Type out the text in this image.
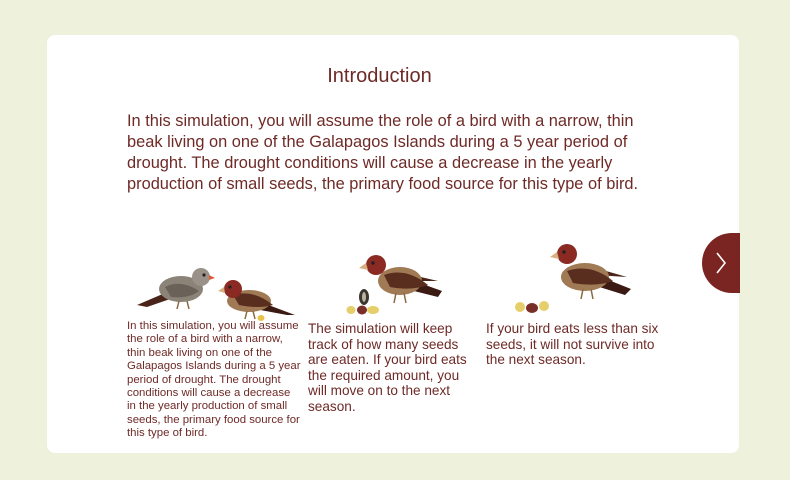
Introduction
In this simulation, you will assume the role of a bird with a narrow, thin beak living on one of the Galapagos Islands during a 5 year period of drought. The drought conditions will cause a decrease in the yearly production of small seeds, the primary food source for this type of bird.
In this simulation, you will assume the role of a bird with a narrow, thin beak living on one of the Galapagos Islands during a 5 year period of drought. The drought conditions will cause a decrease in the yearly production of small seeds, the primary food source for this type of bird.
The simulation will keep track of how many seeds are eaten. If your bird eats the required amount, you will move on to the next season.
If your bird eats less than six seeds, it will not survive into the next season.
